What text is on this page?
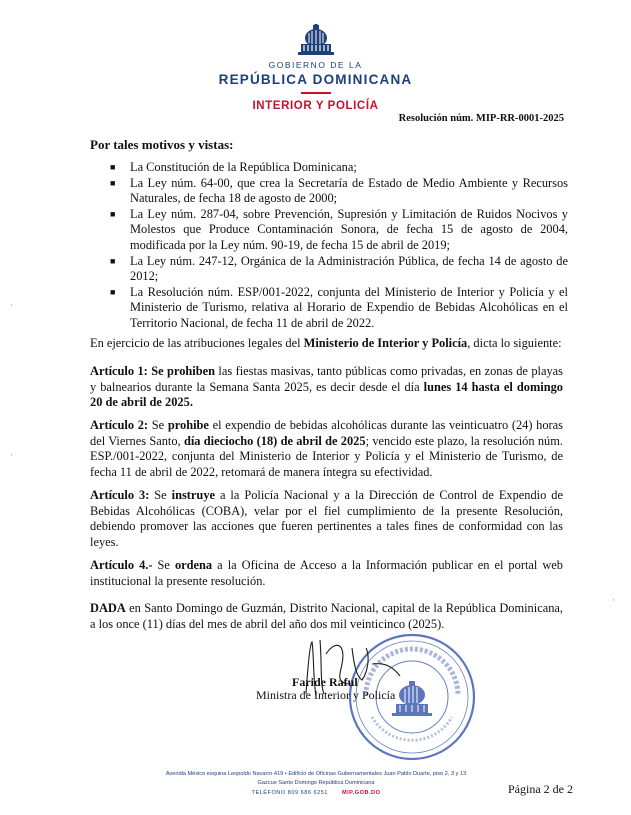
GOBIERNO DE LA
REPÚBLICA DOMINICANA
INTERIOR Y POLICÍA
Resolución núm. MIP-RR-0001-2025
Por tales motivos y vistas:
■ La Constitución de la República Dominicana;
■ La Ley núm. 64-00, que crea la Secretaría de Estado de Medio Ambiente y Recursos Naturales, de fecha 18 de agosto de 2000;
■ La Ley núm. 287-04, sobre Prevención, Supresión y Limitación de Ruidos Nocivos y Molestos que Produce Contaminación Sonora, de fecha 15 de agosto de 2004, modificada por la Ley núm. 90-19, de fecha 15 de abril de 2019;
■ La Ley núm. 247-12, Orgánica de la Administración Pública, de fecha 14 de agosto de 2012;
■ La Resolución núm. ESP/001-2022, conjunta del Ministerio de Interior y Policía y el Ministerio de Turismo, relativa al Horario de Expendio de Bebidas Alcohólicas en el Territorio Nacional, de fecha 11 de abril de 2022.

En ejercicio de las atribuciones legales del Ministerio de Interior y Policía, dicta lo siguiente:

Artículo 1: Se prohiben las fiestas masivas, tanto públicas como privadas, en zonas de playas y balnearios durante la Semana Santa 2025, es decir desde el día lunes 14 hasta el domingo 20 de abril de 2025.

Artículo 2: Se prohibe el expendio de bebidas alcohólicas durante las veinticuatro (24) horas del Viernes Santo, día dieciocho (18) de abril de 2025; vencido este plazo, la resolución núm. ESP./001-2022, conjunta del Ministerio de Interior y Policía y el Ministerio de Turismo, de fecha 11 de abril de 2022, retomará de manera íntegra su efectividad.

Artículo 3: Se instruye a la Policía Nacional y a la Dirección de Control de Expendio de Bebidas Alcohólicas (COBA), velar por el fiel cumplimiento de la presente Resolución, debiendo promover las acciones que fueren pertinentes a tales fines de conformidad con las leyes.

Artículo 4.- Se ordena a la Oficina de Acceso a la Información publicar en el portal web institucional la presente resolución.

DADA en Santo Domingo de Guzmán, Distrito Nacional, capital de la República Dominicana, a los once (11) días del mes de abril del año dos mil veinticinco (2025).

Faride Raful
Ministra de Interior y Policía
Avenida México esquina Leopoldo Navarro 419 • Edificio de Oficinas Gubernamentales Juan Pablo Duarte, piso 2, 3 y 13
Gazcue Santo Domingo República Dominicana
TELÉFONO 809 686 6251	MIP.GOB.DO	Página 2 de 2
·
·
·
